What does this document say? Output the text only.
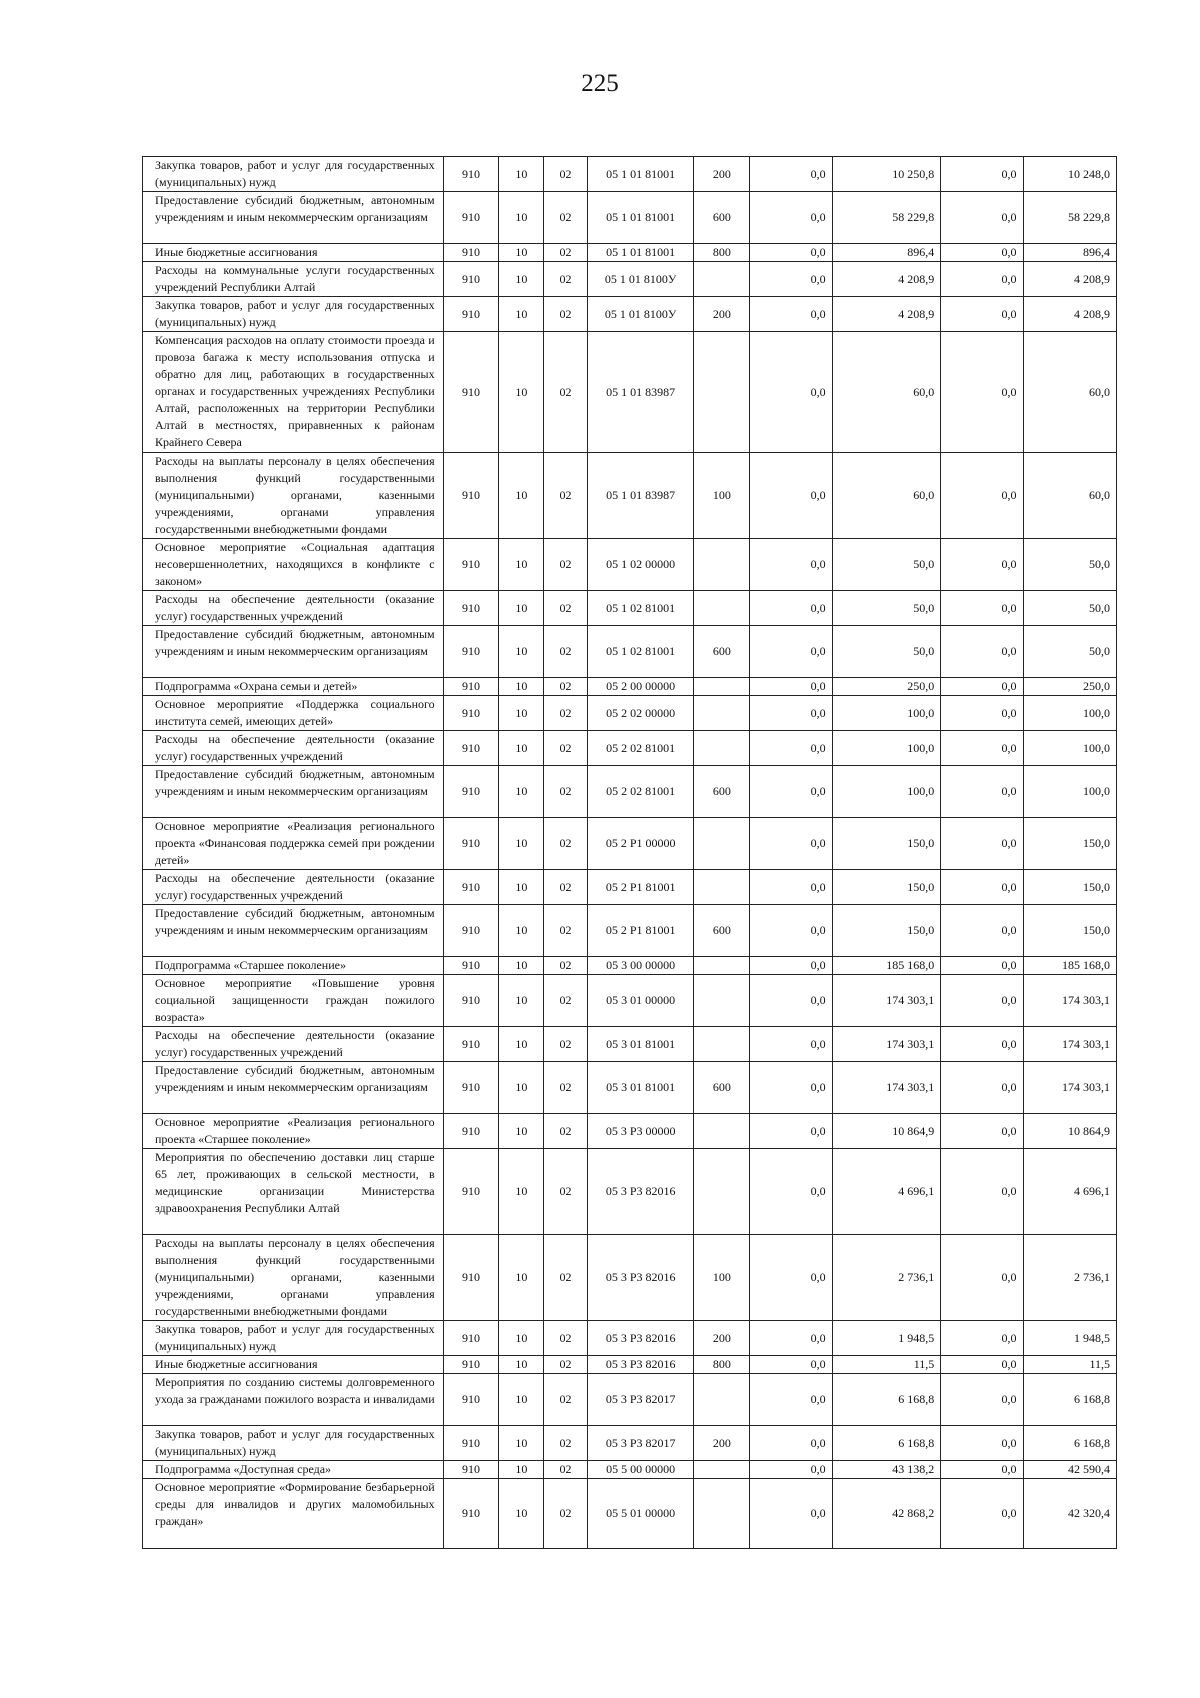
225
Закупка товаров, работ и услуг для государственных (муниципальных) нужд	910	10	02	05 1 01 81001	200	0,0	10 250,8	0,0	10 248,0
Предоставление субсидий бюджетным, автономным учреждениям и иным некоммерческим организациям	910	10	02	05 1 01 81001	600	0,0	58 229,8	0,0	58 229,8
Иные бюджетные ассигнования	910	10	02	05 1 01 81001	800	0,0	896,4	0,0	896,4
Расходы на коммунальные услуги государственных учреждений Республики Алтай	910	10	02	05 1 01 8100У		0,0	4 208,9	0,0	4 208,9
Закупка товаров, работ и услуг для государственных (муниципальных) нужд	910	10	02	05 1 01 8100У	200	0,0	4 208,9	0,0	4 208,9
Компенсация расходов на оплату стоимости проезда и провоза багажа к месту использования отпуска и обратно для лиц, работающих в государственных органах и государственных учреждениях Республики Алтай, расположенных на территории Республики Алтай в местностях, приравненных к районам Крайнего Севера	910	10	02	05 1 01 83987		0,0	60,0	0,0	60,0
Расходы на выплаты персоналу в целях обеспечения выполнения функций государственными (муниципальными) органами, казенными учреждениями, органами управления государственными внебюджетными фондами	910	10	02	05 1 01 83987	100	0,0	60,0	0,0	60,0
Основное мероприятие «Социальная адаптация несовершеннолетних, находящихся в конфликте с законом»	910	10	02	05 1 02 00000		0,0	50,0	0,0	50,0
Расходы на обеспечение деятельности (оказание услуг) государственных учреждений	910	10	02	05 1 02 81001		0,0	50,0	0,0	50,0
Предоставление субсидий бюджетным, автономным учреждениям и иным некоммерческим организациям	910	10	02	05 1 02 81001	600	0,0	50,0	0,0	50,0
Подпрограмма «Охрана семьи и детей»	910	10	02	05 2 00 00000		0,0	250,0	0,0	250,0
Основное мероприятие «Поддержка социального института семей, имеющих детей»	910	10	02	05 2 02 00000		0,0	100,0	0,0	100,0
Расходы на обеспечение деятельности (оказание услуг) государственных учреждений	910	10	02	05 2 02 81001		0,0	100,0	0,0	100,0
Предоставление субсидий бюджетным, автономным учреждениям и иным некоммерческим организациям	910	10	02	05 2 02 81001	600	0,0	100,0	0,0	100,0
Основное мероприятие «Реализация регионального проекта «Финансовая поддержка семей при рождении детей»	910	10	02	05 2 P1 00000		0,0	150,0	0,0	150,0
Расходы на обеспечение деятельности (оказание услуг) государственных учреждений	910	10	02	05 2 P1 81001		0,0	150,0	0,0	150,0
Предоставление субсидий бюджетным, автономным учреждениям и иным некоммерческим организациям	910	10	02	05 2 P1 81001	600	0,0	150,0	0,0	150,0
Подпрограмма «Старшее поколение»	910	10	02	05 3 00 00000		0,0	185 168,0	0,0	185 168,0
Основное мероприятие «Повышение уровня социальной защищенности граждан пожилого возраста»	910	10	02	05 3 01 00000		0,0	174 303,1	0,0	174 303,1
Расходы на обеспечение деятельности (оказание услуг) государственных учреждений	910	10	02	05 3 01 81001		0,0	174 303,1	0,0	174 303,1
Предоставление субсидий бюджетным, автономным учреждениям и иным некоммерческим организациям	910	10	02	05 3 01 81001	600	0,0	174 303,1	0,0	174 303,1
Основное мероприятие «Реализация регионального проекта «Старшее поколение»	910	10	02	05 3 P3 00000		0,0	10 864,9	0,0	10 864,9
Мероприятия по обеспечению доставки лиц старше 65 лет, проживающих в сельской местности, в медицинские организации Министерства здравоохранения Республики Алтай	910	10	02	05 3 P3 82016		0,0	4 696,1	0,0	4 696,1
Расходы на выплаты персоналу в целях обеспечения выполнения функций государственными (муниципальными) органами, казенными учреждениями, органами управления государственными внебюджетными фондами	910	10	02	05 3 P3 82016	100	0,0	2 736,1	0,0	2 736,1
Закупка товаров, работ и услуг для государственных (муниципальных) нужд	910	10	02	05 3 P3 82016	200	0,0	1 948,5	0,0	1 948,5
Иные бюджетные ассигнования	910	10	02	05 3 P3 82016	800	0,0	11,5	0,0	11,5
Мероприятия по созданию системы долговременного ухода за гражданами пожилого возраста и инвалидами	910	10	02	05 3 P3 82017		0,0	6 168,8	0,0	6 168,8
Закупка товаров, работ и услуг для государственных (муниципальных) нужд	910	10	02	05 3 P3 82017	200	0,0	6 168,8	0,0	6 168,8
Подпрограмма «Доступная среда»	910	10	02	05 5 00 00000		0,0	43 138,2	0,0	42 590,4
Основное мероприятие «Формирование безбарьерной среды для инвалидов и других маломобильных граждан»	910	10	02	05 5 01 00000		0,0	42 868,2	0,0	42 320,4
